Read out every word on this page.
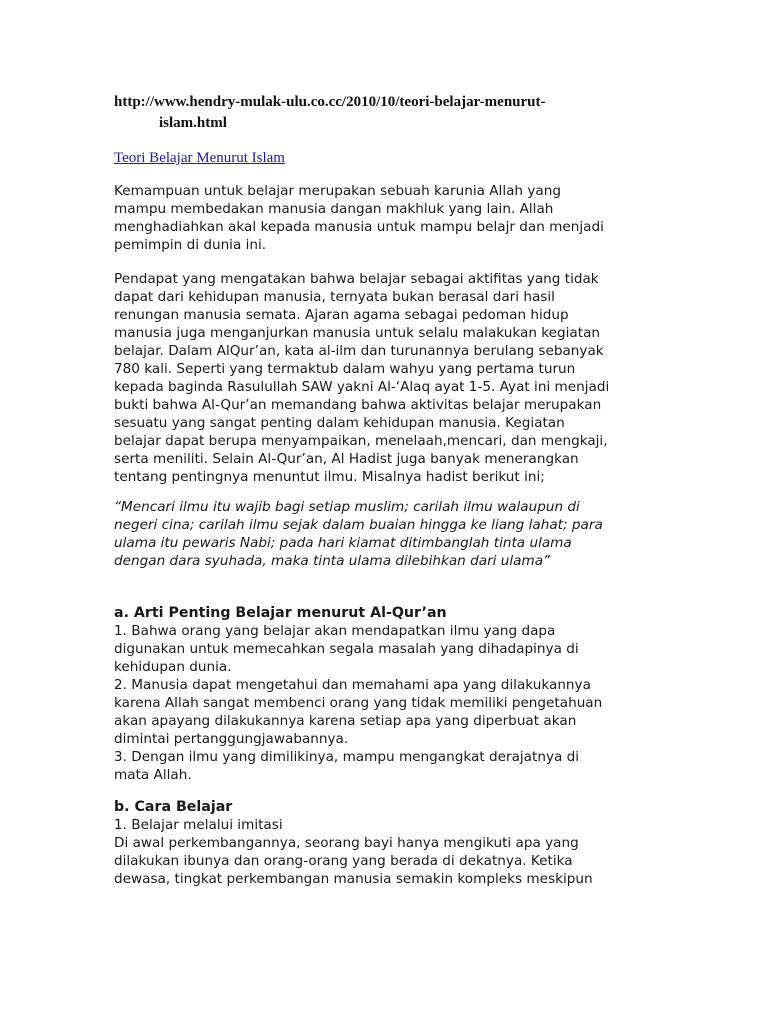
http://www.hendry-mulak-ulu.co.cc/2010/10/teori-belajar-menurut-
islam.html
Teori Belajar Menurut Islam
Kemampuan untuk belajar merupakan sebuah karunia Allah yang
mampu membedakan manusia dangan makhluk yang lain. Allah
menghadiahkan akal kepada manusia untuk mampu belajr dan menjadi
pemimpin di dunia ini.
Pendapat yang mengatakan bahwa belajar sebagai aktifitas yang tidak
dapat dari kehidupan manusia, ternyata bukan berasal dari hasil
renungan manusia semata. Ajaran agama sebagai pedoman hidup
manusia juga menganjurkan manusia untuk selalu malakukan kegiatan
belajar. Dalam AlQur’an, kata al-ilm dan turunannya berulang sebanyak
780 kali. Seperti yang termaktub dalam wahyu yang pertama turun
kepada baginda Rasulullah SAW yakni Al-‘Alaq ayat 1-5. Ayat ini menjadi
bukti bahwa Al-Qur’an memandang bahwa aktivitas belajar merupakan
sesuatu yang sangat penting dalam kehidupan manusia. Kegiatan
belajar dapat berupa menyampaikan, menelaah,mencari, dan mengkaji,
serta meniliti. Selain Al-Qur’an, Al Hadist juga banyak menerangkan
tentang pentingnya menuntut ilmu. Misalnya hadist berikut ini;
“Mencari ilmu itu wajib bagi setiap muslim; carilah ilmu walaupun di
negeri cina; carilah ilmu sejak dalam buaian hingga ke liang lahat; para
ulama itu pewaris Nabi; pada hari kiamat ditimbanglah tinta ulama
dengan dara syuhada, maka tinta ulama dilebihkan dari ulama”
a. Arti Penting Belajar menurut Al-Qur’an
1. Bahwa orang yang belajar akan mendapatkan ilmu yang dapa
digunakan untuk memecahkan segala masalah yang dihadapinya di
kehidupan dunia.
2. Manusia dapat mengetahui dan memahami apa yang dilakukannya
karena Allah sangat membenci orang yang tidak memiliki pengetahuan
akan apayang dilakukannya karena setiap apa yang diperbuat akan
dimintai pertanggungjawabannya.
3. Dengan ilmu yang dimilikinya, mampu mengangkat derajatnya di
mata Allah.
b. Cara Belajar
1. Belajar melalui imitasi
Di awal perkembangannya, seorang bayi hanya mengikuti apa yang
dilakukan ibunya dan orang-orang yang berada di dekatnya. Ketika
dewasa, tingkat perkembangan manusia semakin kompleks meskipun
